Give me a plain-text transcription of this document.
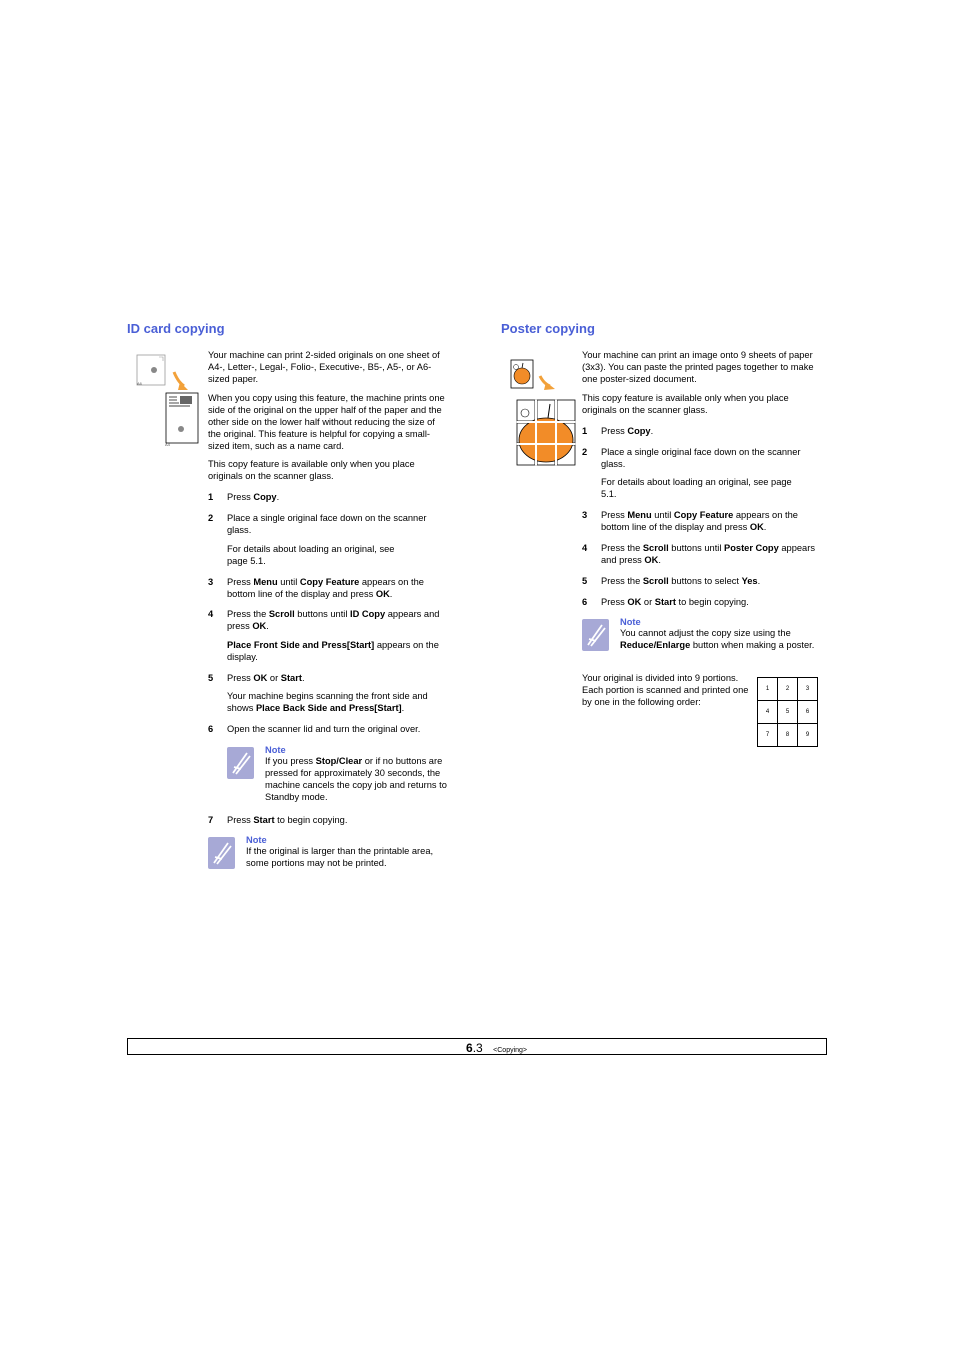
ID card copying
A6
A4

Your machine can print 2-sided originals on one sheet of A4-, Letter-, Legal-, Folio-, Executive-, B5-, A5-, or A6-sized paper.

When you copy using this feature, the machine prints one side of the original on the upper half of the paper and the other side on the lower half without reducing the size of the original. This feature is helpful for copying a small-sized item, such as a name card.

This copy feature is available only when you place originals on the scanner glass.

1	Press Copy.
2	Place a single original face down on the scanner glass.
For details about loading an original, see page 5.1.
3	Press Menu until Copy Feature appears on the bottom line of the display and press OK.
4	Press the Scroll buttons until ID Copy appears and press OK.
Place Front Side and Press[Start] appears on the display.
5	Press OK or Start.
Your machine begins scanning the front side and shows Place Back Side and Press[Start].
6	Open the scanner lid and turn the original over.
Note

If you press Stop/Clear or if no buttons are pressed for approximately 30 seconds, the machine cancels the copy job and returns to Standby mode.

7	Press Start to begin copying.
Note

If the original is larger than the printable area, some portions may not be printed.

Poster copying

Your machine can print an image onto 9 sheets of paper (3x3). You can paste the printed pages together to make one poster-sized document.

This copy feature is available only when you place originals on the scanner glass.

1	Press Copy.
2	Place a single original face down on the scanner glass.
For details about loading an original, see page 5.1.
3	Press Menu until Copy Feature appears on the bottom line of the display and press OK.
4	Press the Scroll buttons until Poster Copy appears and press OK.
5	Press the Scroll buttons to select Yes.
6	Press OK or Start to begin copying.
Note

You cannot adjust the copy size using the Reduce/Enlarge button when making a poster.

Your original is divided into 9 portions. Each portion is scanned and printed one by one in the following order:

1	2	3
4	5	6
7	8	9
6.3 <Copying>
